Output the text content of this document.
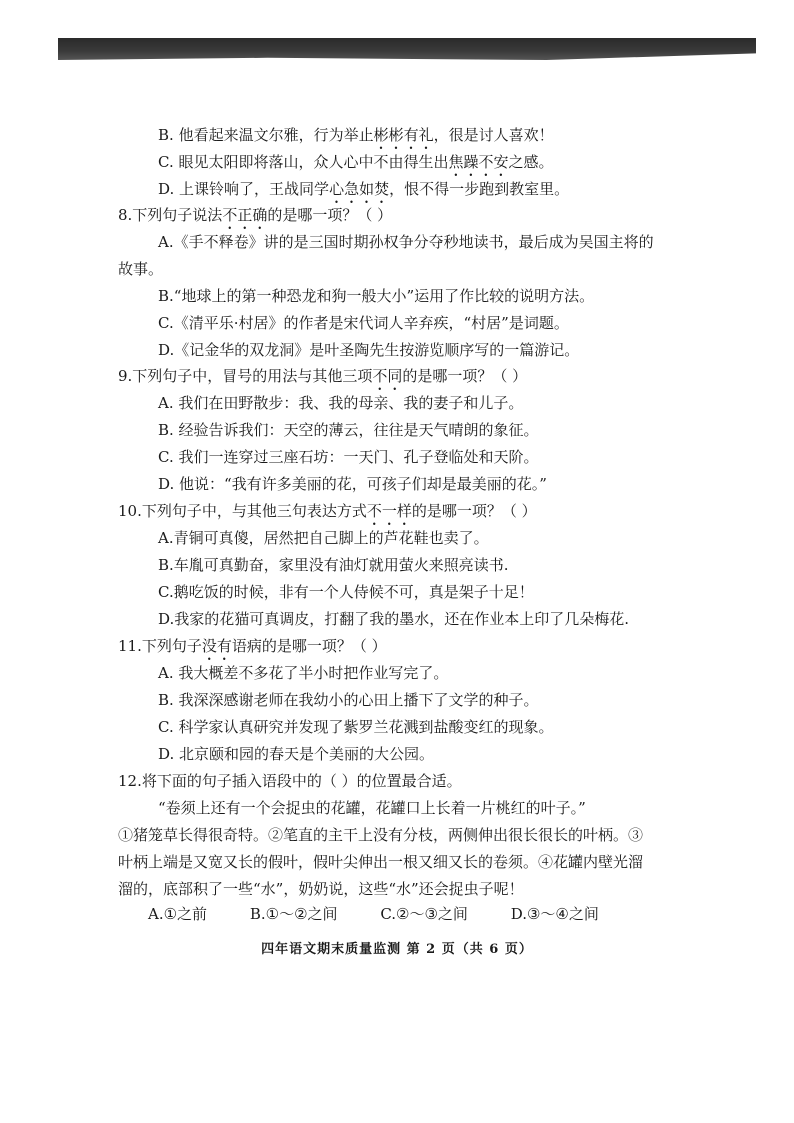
B. 他看起来温文尔雅，行为举止彬彬有礼，很是讨人喜欢！
C. 眼见太阳即将落山，众人心中不由得生出焦躁不安之感。
D. 上课铃响了，王战同学心急如焚，恨不得一步跑到教室里。
8.下列句子说法不正确的是哪一项？（ ）
A.《手不释卷》讲的是三国时期孙权争分夺秒地读书，最后成为吴国主将的
故事。
B.“地球上的第一种恐龙和狗一般大小”运用了作比较的说明方法。
C.《清平乐·村居》的作者是宋代词人辛弃疾，“村居”是词题。
D.《记金华的双龙洞》是叶圣陶先生按游览顺序写的一篇游记。
9.下列句子中，冒号的用法与其他三项不同的是哪一项？（ ）
A. 我们在田野散步：我、我的母亲、我的妻子和儿子。
B. 经验告诉我们：天空的薄云，往往是天气晴朗的象征。
C. 我们一连穿过三座石坊：一天门、孔子登临处和天阶。
D. 他说：“我有许多美丽的花，可孩子们却是最美丽的花。”
10.下列句子中，与其他三句表达方式不一样的是哪一项？（ ）
A.青铜可真傻，居然把自己脚上的芦花鞋也卖了。
B.车胤可真勤奋，家里没有油灯就用萤火来照亮读书.
C.鹅吃饭的时候，非有一个人侍候不可，真是架子十足！
D.我家的花猫可真调皮，打翻了我的墨水，还在作业本上印了几朵梅花.
11.下列句子没有语病的是哪一项？（ ）
A. 我大概差不多花了半小时把作业写完了。
B. 我深深感谢老师在我幼小的心田上播下了文学的种子。
C. 科学家认真研究并发现了紫罗兰花溅到盐酸变红的现象。
D. 北京颐和园的春天是个美丽的大公园。
12.将下面的句子插入语段中的（ ）的位置最合适。
“卷须上还有一个会捉虫的花罐，花罐口上长着一片桃红的叶子。”
①猪笼草长得很奇特。②笔直的主干上没有分枝，两侧伸出很长很长的叶柄。③
叶柄上端是又宽又长的假叶，假叶尖伸出一根又细又长的卷须。④花罐内壁光溜
溜的，底部积了一些“水”，奶奶说，这些“水”还会捉虫子呢！
A.①之前	B.①～②之间	C.②～③之间	D.③～④之间
四年语文期末质量监测 第 2 页（共 6 页）
